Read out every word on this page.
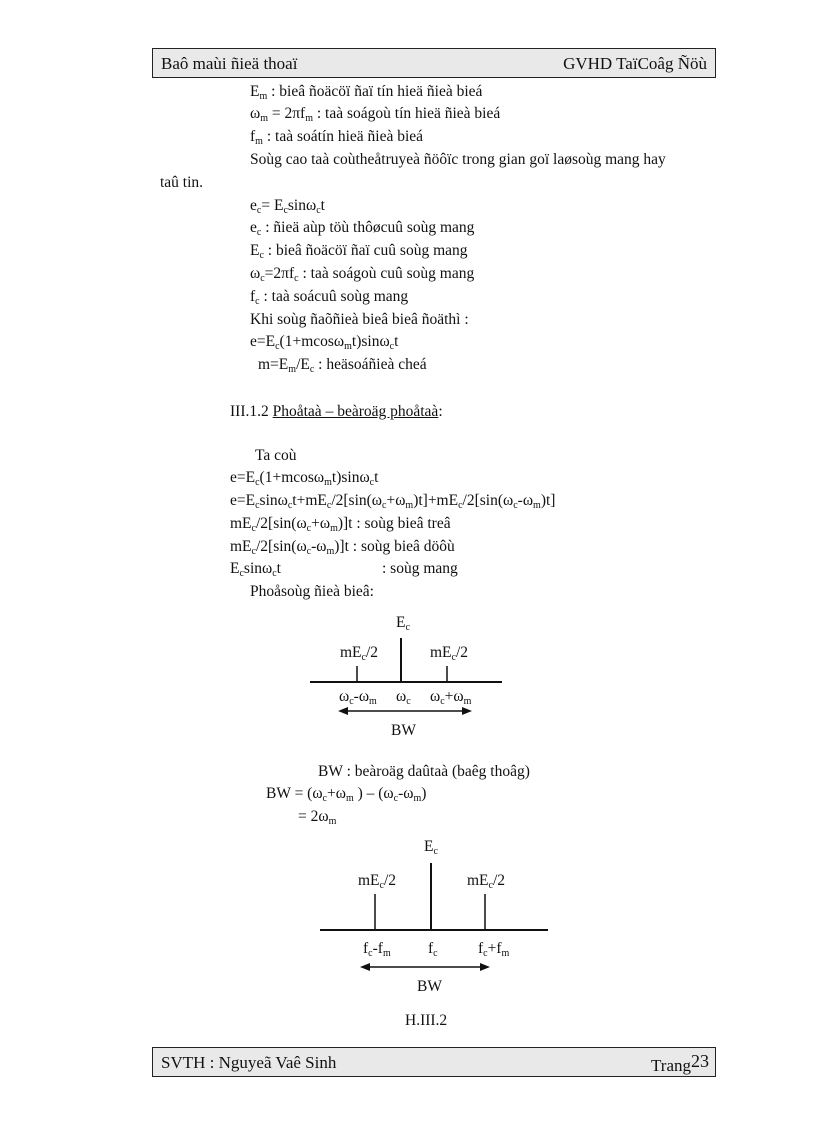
Baô maùi ñieä thoaï	GVHD TaïCoâg Ñöù
$E_m$ : bieâ ñoäcöï ñaï tín hieä ñieà bieá
$\omega_m = 2\pi f_m$ : taà soágoù tín hieä ñieà bieá
$f_m$ : taà soátín hieä ñieà bieá
Soùg cao taà coùtheåtruyeà ñöôïc trong gian goï laøsoùg mang hay
taû tin.
$e_c= E_c\sin\omega_ct$
$e_c$ : ñieä aùp töù thôøcuû soùg mang
$E_c$ : bieâ ñoäcöï ñaï cuû soùg mang
$\omega_c=2\pi f_c$ : taà soágoù cuû soùg mang
$f_c$ : taà soácuû soùg mang
Khi soùg ñaõñieà bieâ bieâ ñoäthì :
$e=E_c(1+mcos\omega_mt)\sin\omega_ct$
$m=E_m/E_c$ : heäsoáñieà cheá
III.1.2 Phoåtaà – beàroäg phoåtaà:
Ta coù
$e=E_c(1+mcos\omega_mt)\sin\omega_ct$
$e=E_c\sin\omega_ct+mE_c/2[\sin(\omega_c+\omega_m)t]+mE_c/2[\sin(\omega_c-\omega_m)t]$
$mE_c/2[\sin(\omega_c+\omega_m)]t$ : soùg bieâ treâ
$mE_c/2[\sin(\omega_c-\omega_m)]t$ : soùg bieâ döôù
$E_c\sin\omega_ct$	: soùg mang
Phoåsoùg ñieà bieâ:
$E_c$
$mE_c/2$	$mE_c/2$
$\omega_c-\omega_m$ $\omega_c$ $\omega_c+\omega_m$
BW
BW : beàroäg daûtaà (baêg thoâg)
BW = ($\omega_c+\omega_m$ ) – $(\omega_c-\omega_m)$
= $2\omega_m$
$E_c$
$mE_c/2$	$mE_c/2$
$f_c-f_m$ $f_c$	$f_c+f_m$
BW
H.III.2
SVTH : Nguyeã Vaê Sinh	Trang23
